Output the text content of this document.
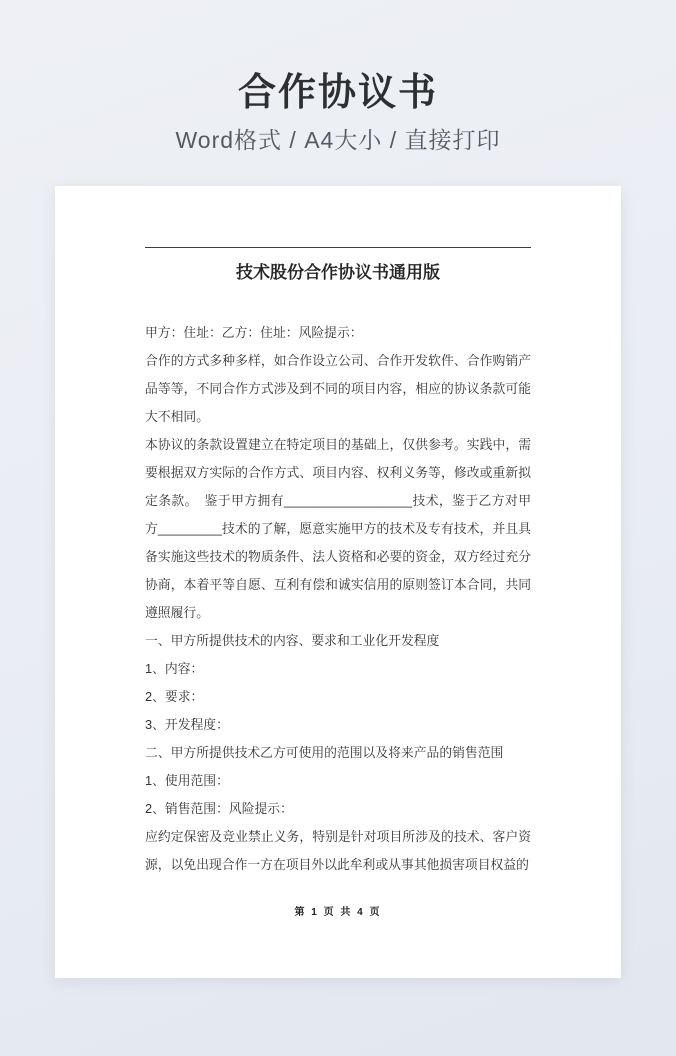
合作协议书
Word格式 / A4大小 / 直接打印
技术股份合作协议书通用版
甲方：住址：乙方：住址：风险提示：
合作的方式多种多样，如合作设立公司、合作开发软件、合作购销产品等等，不同合作方式涉及到不同的项目内容，相应的协议条款可能大不相同。
本协议的条款设置建立在特定项目的基础上，仅供参考。实践中，需要根据双方实际的合作方式、项目内容、权利义务等，修改或重新拟定条款。　鉴于甲方拥有__________________技术，鉴于乙方对甲方_________技术的了解，愿意实施甲方的技术及专有技术，并且具备实施这些技术的物质条件、法人资格和必要的资金，双方经过充分协商，本着平等自愿、互利有偿和诚实信用的原则签订本合同，共同遵照履行。
一、甲方所提供技术的内容、要求和工业化开发程度
1、内容：
2、要求：
3、开发程度：
二、甲方所提供技术乙方可使用的范围以及将来产品的销售范围
1、使用范围：
2、销售范围：风险提示：
应约定保密及竞业禁止义务，特别是针对项目所涉及的技术、客户资源，以免出现合作一方在项目外以此牟利或从事其他损害项目权益的
第 1 页 共 4 页
